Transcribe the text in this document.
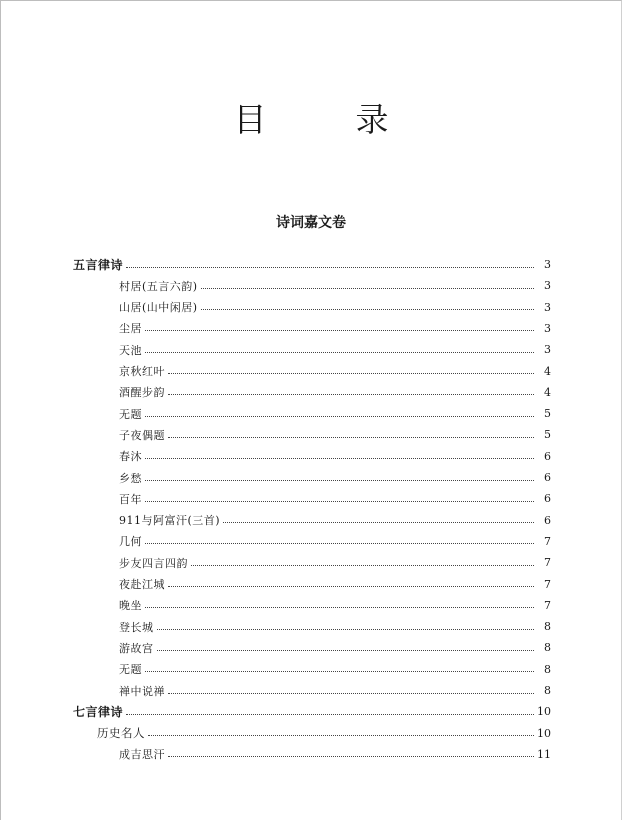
目　录
诗词嘉文卷
五言律诗	3
村居(五言六韵)	3
山居(山中闲居)	3
尘居	3
天池	3
京秋红叶	4
酒醒步韵	4
无题	5
子夜偶题	5
春沐	6
乡愁	6
百年	6
911与阿富汗(三首)	6
几何	7
步友四言四韵	7
夜赴江城	7
晚坐	7
登长城	8
游故宫	8
无题	8
禅中说禅	8
七言律诗	10
历史名人	10
成吉思汗	11
